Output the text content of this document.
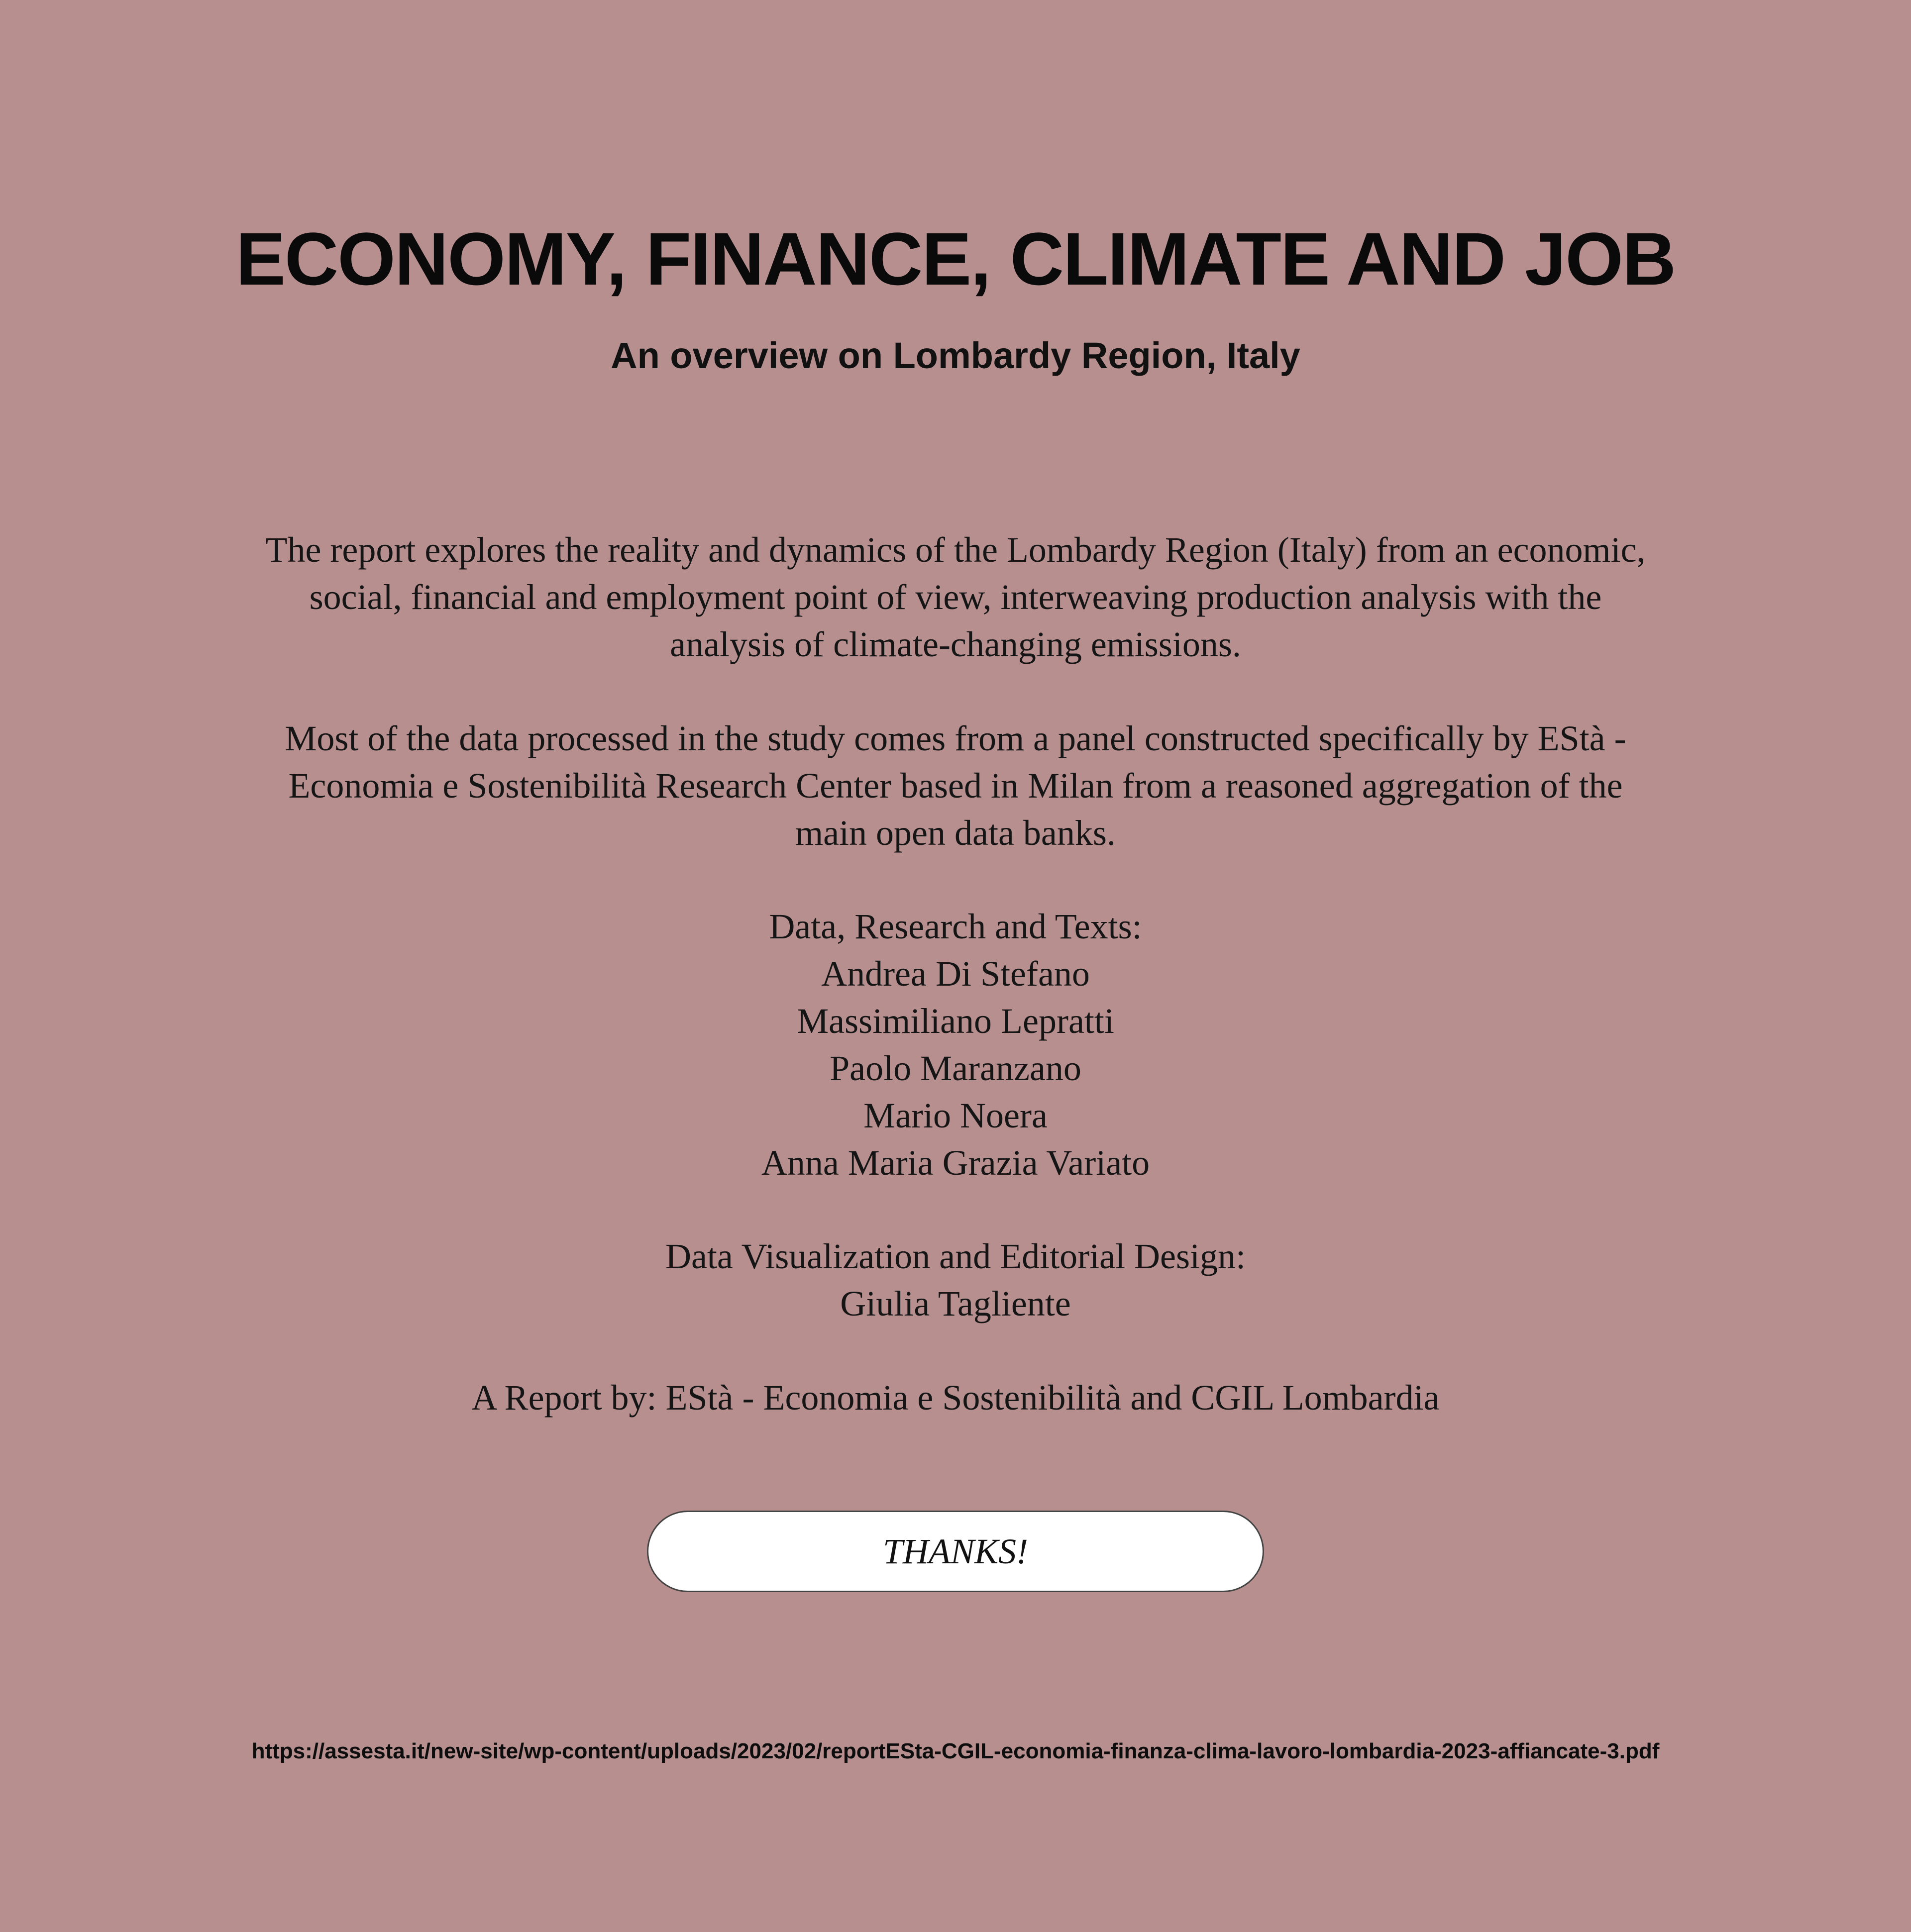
ECONOMY, FINANCE, CLIMATE AND JOB
An overview on Lombardy Region, Italy
The report explores the reality and dynamics of the Lombardy Region (Italy) from an economic,
social, financial and employment point of view, interweaving production analysis with the
analysis of climate-changing emissions.
Most of the data processed in the study comes from a panel constructed specifically by EStà -
Economia e Sostenibilità Research Center based in Milan from a reasoned aggregation of the
main open data banks.
Data, Research and Texts:
Andrea Di Stefano
Massimiliano Lepratti
Paolo Maranzano
Mario Noera
Anna Maria Grazia Variato
Data Visualization and Editorial Design:
Giulia Tagliente
A Report by: EStà - Economia e Sostenibilità and CGIL Lombardia
THANKS!
https://assesta.it/new-site/wp-content/uploads/2023/02/reportESta-CGIL-economia-finanza-clima-lavoro-lombardia-2023-affiancate-3.pdf
